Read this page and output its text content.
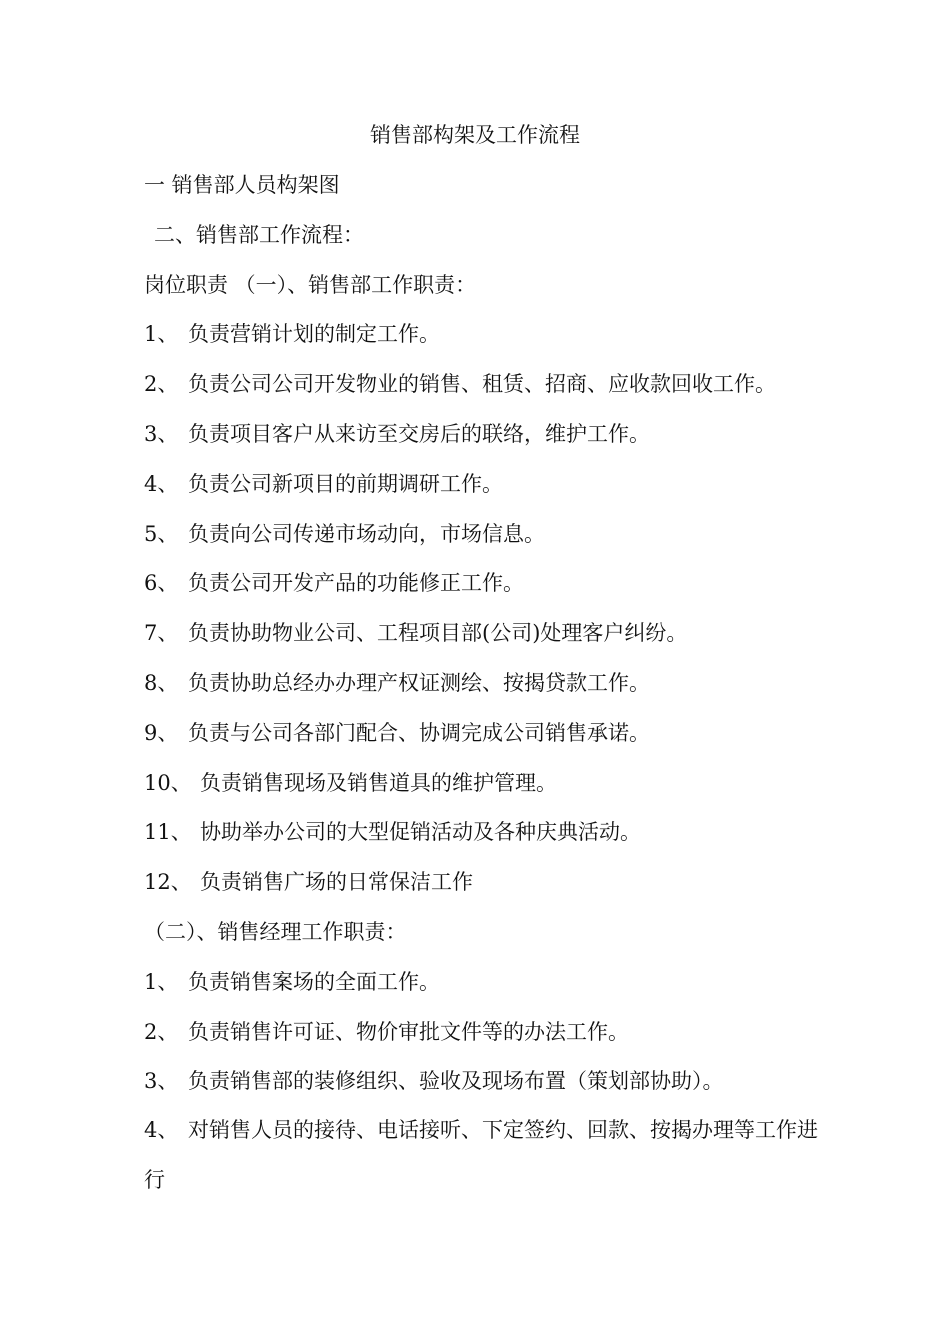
销售部构架及工作流程
一 销售部人员构架图
二、销售部工作流程：
岗位职责 （一）、销售部工作职责：
1、 负责营销计划的制定工作。
2、 负责公司公司开发物业的销售、租赁、招商、应收款回收工作。
3、 负责项目客户从来访至交房后的联络，维护工作。
4、 负责公司新项目的前期调研工作。
5、 负责向公司传递市场动向，市场信息。
6、 负责公司开发产品的功能修正工作。
7、 负责协助物业公司、工程项目部(公司)处理客户纠纷。
8、 负责协助总经办办理产权证测绘、按揭贷款工作。
9、 负责与公司各部门配合、协调完成公司销售承诺。
10、 负责销售现场及销售道具的维护管理。
11、 协助举办公司的大型促销活动及各种庆典活动。
12、 负责销售广场的日常保洁工作
（二）、销售经理工作职责：
1、 负责销售案场的全面工作。
2、 负责销售许可证、物价审批文件等的办法工作。
3、 负责销售部的装修组织、验收及现场布置（策划部协助）。
4、 对销售人员的接待、电话接听、下定签约、回款、按揭办理等工作进行
